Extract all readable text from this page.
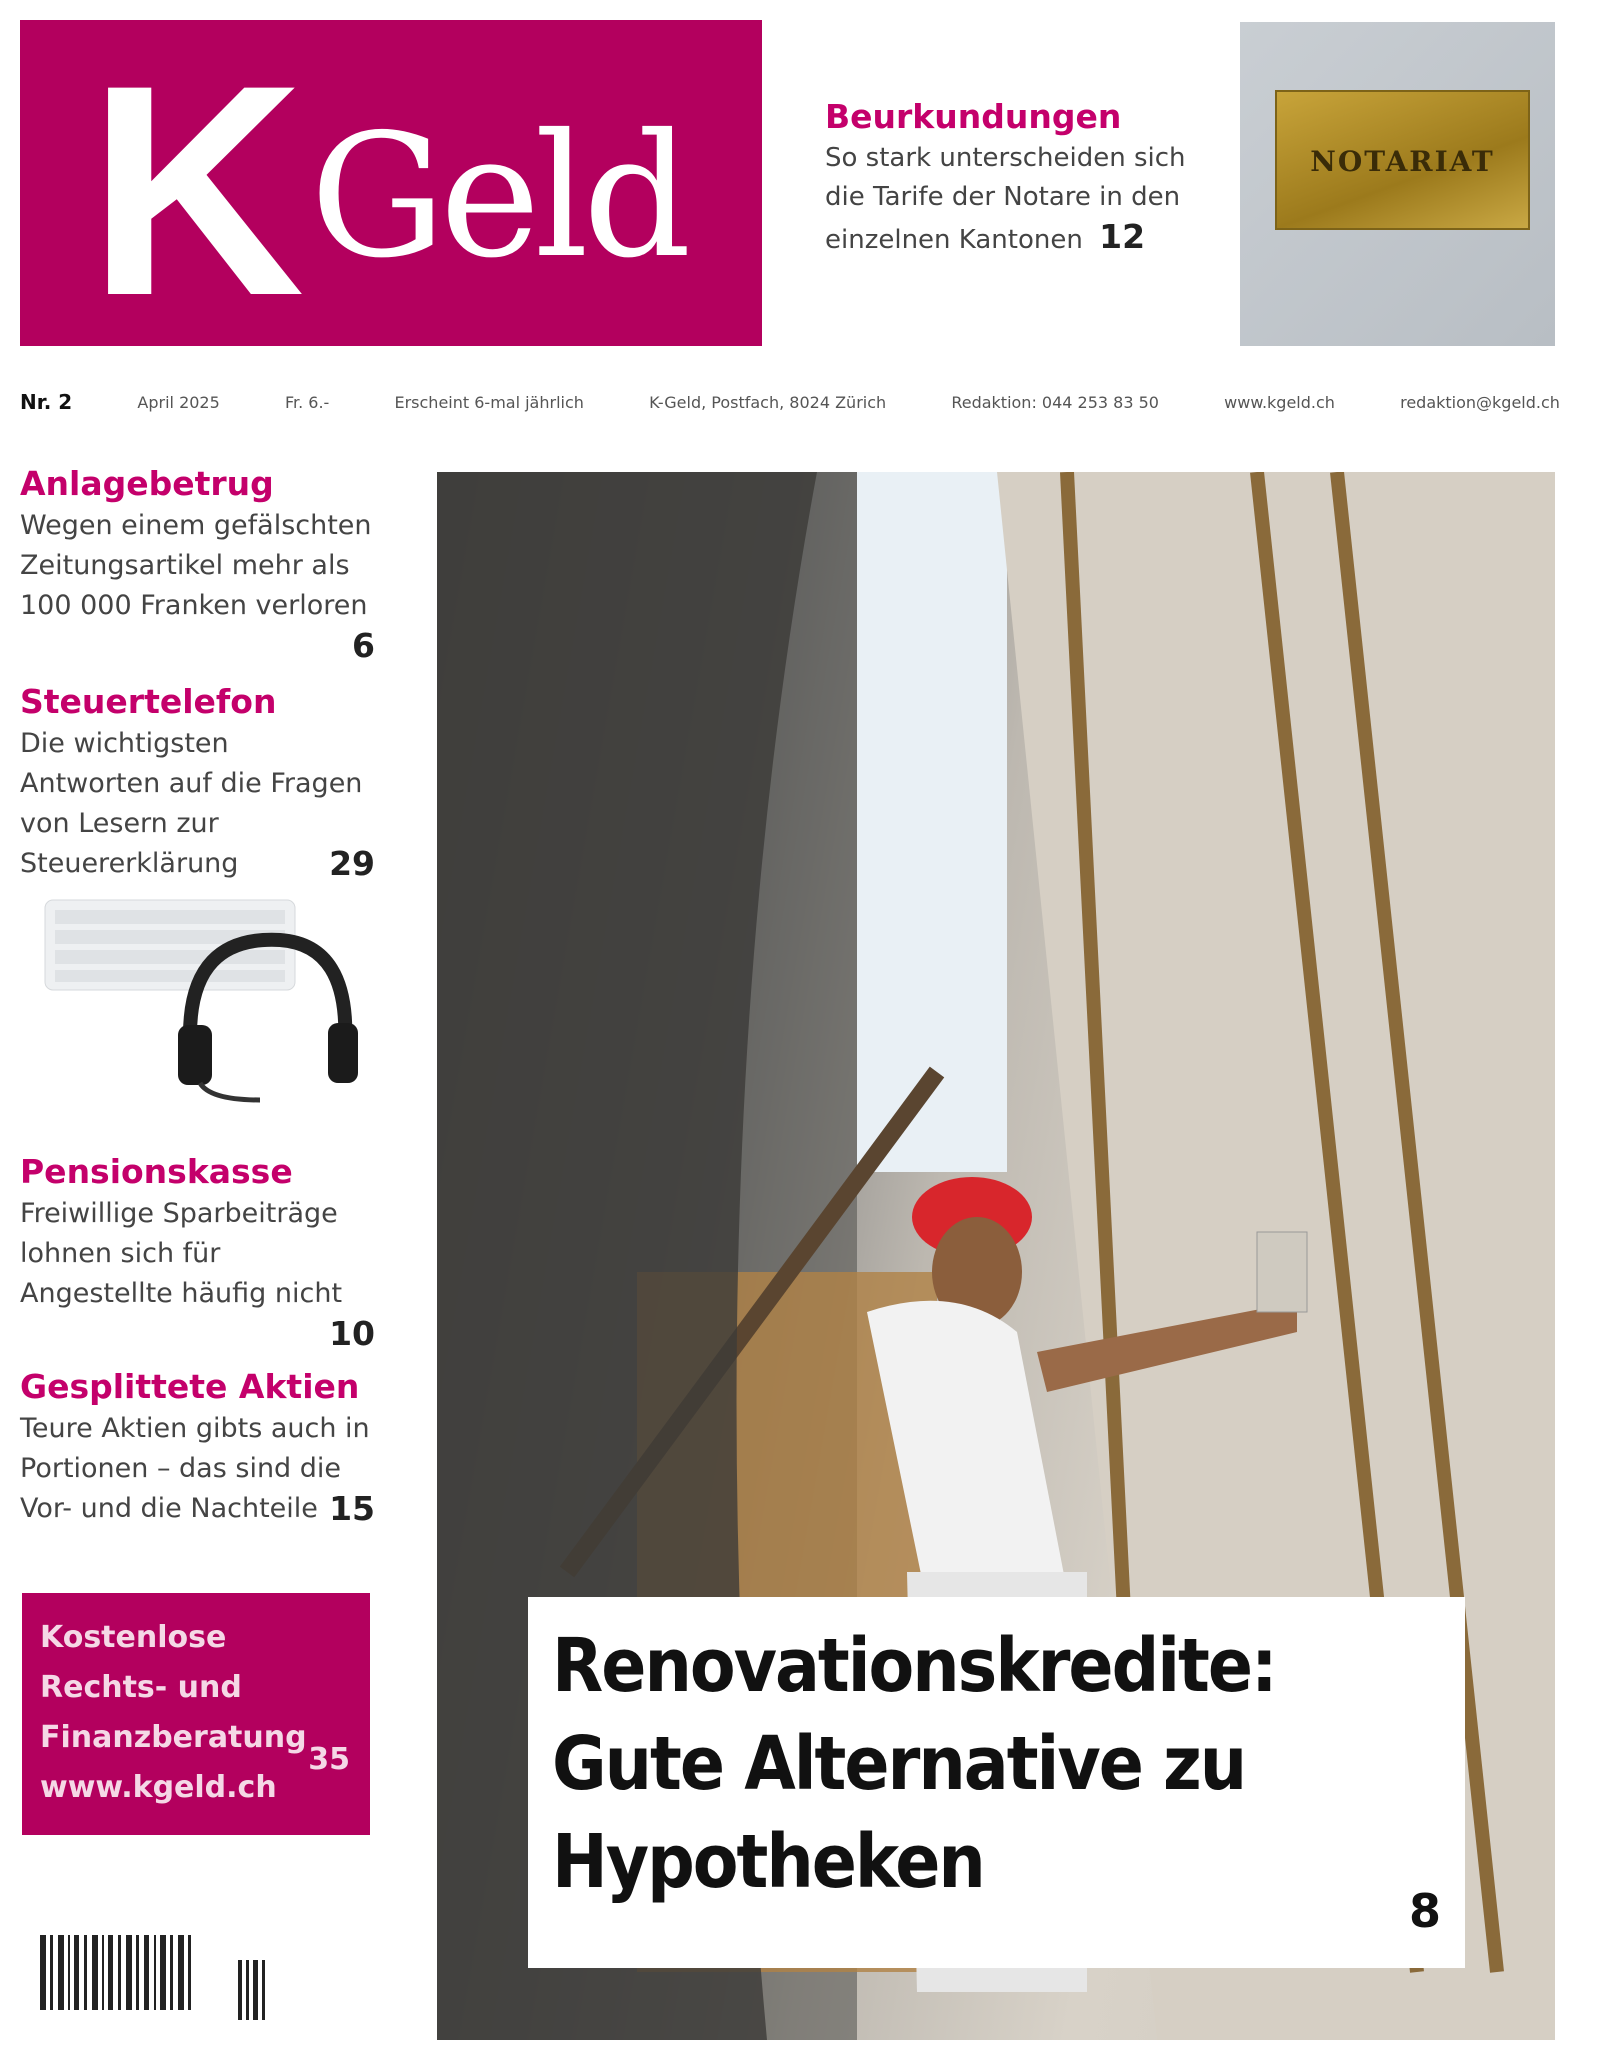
K Geld	Beurkundungen
So stark unterscheiden sich die Tarife der Notare in den einzelnen Kantonen 12
NOTARIAT
Nr. 2	April 2025	Fr. 6.-	Erscheint 6-mal jährlich	K-Geld, Postfach, 8024 Zürich	Redaktion: 044 253 83 50	www.kgeld.ch	redaktion@kgeld.ch
Anlagebetrug
Wegen einem gefälschten Zeitungsartikel mehr als 100 000 Franken verloren
6
Steuertelefon
Die wichtigsten Antworten auf die Fragen von Lesern zur Steuererklärung	29
Pensionskasse
Freiwillige Sparbeiträge lohnen sich für Angestellte häufig nicht
10
Gesplittete Aktien
Teure Aktien gibts auch in Portionen – das sind die Vor- und die Nachteile 15
Kostenlose
Rechts- und
Finanzberatung
www.kgeld.ch
35
Renovationskredite:
Gute Alternative zu
Hypotheken
8
